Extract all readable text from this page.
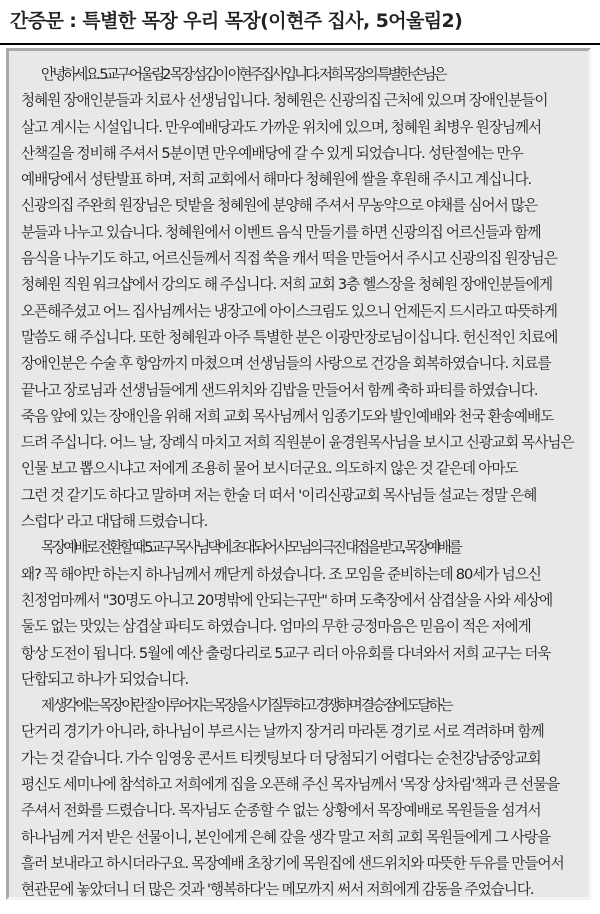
간증문 : 특별한 목장 우리 목장(이현주 집사, 5어울림2)

안녕하세요. 5교구 어울림2 목장 섬김이 이현주집사입니다. 저희 목장의 특별한 손님은
청혜원 장애인분들과 치료사 선생님입니다. 청혜원은 신광의집 근처에 있으며 장애인분들이
살고 계시는 시설입니다. 만우예배당과도 가까운 위치에 있으며, 청혜원 최병우 원장님께서
산책길을 정비해 주셔서 5분이면 만우예배당에 갈 수 있게 되었습니다. 성탄절에는 만우
예배당에서 성탄발표 하며, 저희 교회에서 해마다 청혜원에 쌀을 후원해 주시고 계십니다.
신광의집 주완희 원장님은 텃밭을 청혜원에 분양해 주셔서 무농약으로 야채를 심어서 많은
분들과 나누고 있습니다. 청혜원에서 이벤트 음식 만들기를 하면 신광의집 어르신들과 함께
음식을 나누기도 하고, 어르신들께서 직접 쑥을 캐서 떡을 만들어서 주시고 신광의집 원장님은
청혜원 직원 워크샵에서 강의도 해 주십니다. 저희 교회 3층 헬스장을 청혜원 장애인분들에게
오픈해주셨고 어느 집사님께서는 냉장고에 아이스크림도 있으니 언제든지 드시라고 따뜻하게
말씀도 해 주십니다. 또한 청혜원과 아주 특별한 분은 이광만장로님이십니다. 헌신적인 치료에
장애인분은 수술 후 항암까지 마쳤으며 선생님들의 사랑으로 건강을 회복하였습니다. 치료를
끝나고 장로님과 선생님들에게 샌드위치와 김밥을 만들어서 함께 축하 파티를 하였습니다.
죽음 앞에 있는 장애인을 위해 저희 교회 목사님께서 임종기도와 발인예배와 천국 환송예배도
드려 주십니다. 어느 날, 장례식 마치고 저희 직원분이 윤경원목사님을 보시고 신광교회 목사님은
인물 보고 뽑으시냐고 저에게 조용히 물어 보시더군요. 의도하지 않은 것 같은데 아마도
그런 것 같기도 하다고 말하며 저는 한술 더 떠서 '이리신광교회 목사님들 설교는 정말 은혜
스럽다' 라고 대답해 드렸습니다.

목장예배로 전환할 때 5교구 목사님댁에 초대되어 사모님의 극진 대접을 받고, 목장예배를
왜? 꼭 해야만 하는지 하나님께서 깨닫게 하셨습니다. 조 모임을 준비하는데 80세가 넘으신
친정엄마께서 "30명도 아니고 20명밖에 안되는구만" 하며 도축장에서 삼겹살을 사와 세상에
둘도 없는 맛있는 삼겹살 파티도 하였습니다. 엄마의 무한 긍정마음은 믿음이 적은 저에게
항상 도전이 됩니다. 5월에 예산 출렁다리로 5교구 리더 아유회를 다녀와서 저희 교구는 더욱
단합되고 하나가 되었습니다.

제 생각에는 목장이란 잘 이루어지는 목장을 시기질투하고 경쟁하며 결승점에 도달하는
단거리 경기가 아니라, 하나님이 부르시는 날까지 장거리 마라톤 경기로 서로 격려하며 함께
가는 것 같습니다. 가수 임영웅 콘서트 티켓팅보다 더 당첨되기 어렵다는 순천강남중앙교회
평신도 세미나에 참석하고 저희에게 집을 오픈해 주신 목자님께서 '목장 상차림'책과 큰 선물을
주셔서 전화를 드렸습니다. 목자님도 순종할 수 없는 상황에서 목장예배로 목원들을 섬겨서
하나님께 거저 받은 선물이니, 본인에게 은혜 갚을 생각 말고 저희 교회 목원들에게 그 사랑을
흘러 보내라고 하시더라구요. 목장예배 초창기에 목원집에 샌드위치와 따뜻한 두유를 만들어서
현관문에 놓았더니 더 많은 것과 '행복하다'는 메모까지 써서 저희에게 감동을 주었습니다.
